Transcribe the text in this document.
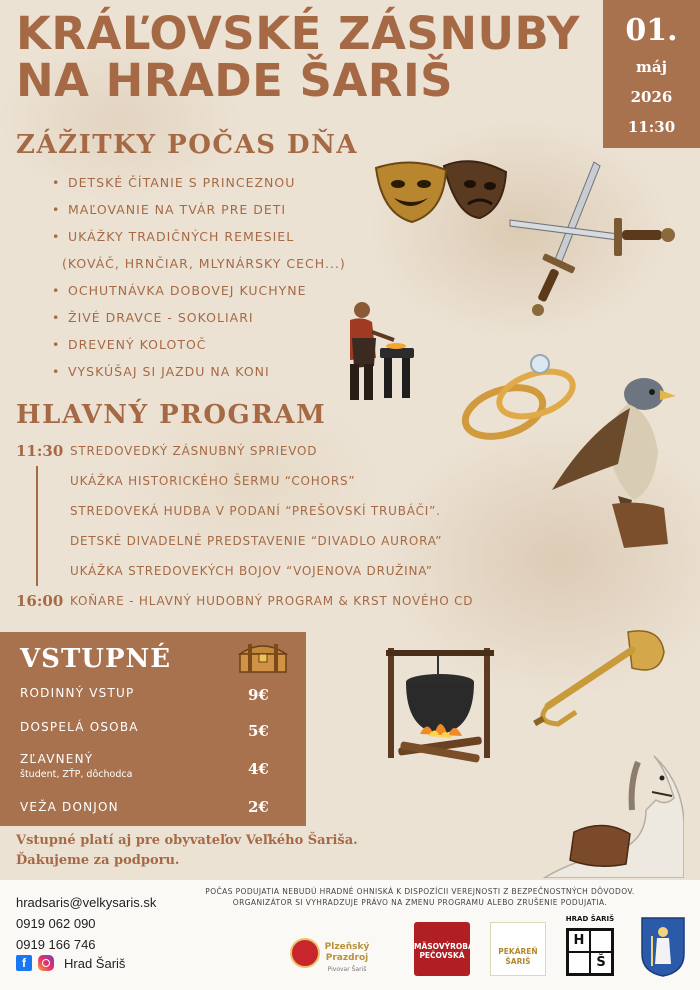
KRÁĽOVSKÉ ZÁSNUBY
NA HRADE ŠARIŠ
01.
máj
2026
11:30
ZÁŽITKY POČAS DŇA
• DETSKÉ ČÍTANIE S PRINCEZNOU
• MAĽOVANIE NA TVÁR PRE DETI
• UKÁŽKY TRADIČNÝCH REMESIEL
(KOVÁČ, HRNČIAR, MLYNÁRSKY CECH...)
• OCHUTNÁVKA DOBOVEJ KUCHYNE
• ŽIVÉ DRAVCE - SOKOLIARI
• DREVENÝ KOLOTOČ
• VYSKÚŠAJ SI JAZDU NA KONI
HLAVNÝ PROGRAM
11:30 STREDOVEDKÝ ZÁSNUBNÝ SPRIEVOD
UKÁŽKA HISTORICKÉHO ŠERMU “COHORS”
STREDOVEKÁ HUDBA V PODANÍ “PREŠOVSKÍ TRUBÁČI”.
DETSKÉ DIVADELNÉ PREDSTAVENIE “DIVADLO AURORA”
UKÁŽKA STREDOVEKÝCH BOJOV “VOJENOVA DRUŽINA”
16:00 KOŇARE - HLAVNÝ HUDOBNÝ PROGRAM & KRST NOVÉHO CD
VSTUPNÉ
RODINNÝ VSTUP	9€
DOSPELÁ OSOBA	5€
ZĽAVNENÝ
študent, ZŤP, dôchodca	4€
VEŽA DONJON	2€
Vstupné platí aj pre obyvateľov Veľkého Šariša.
Ďakujeme za podporu.
POČAS PODUJATIA NEBUDÚ HRADNÉ OHNISKÁ K DISPOZÍCII VEREJNOSTI Z BEZPEČNOSTNÝCH DÔVODOV.
ORGANIZÁTOR SI VYHRADZUJE PRÁVO NA ZMENU PROGRAMU ALEBO ZRUŠENIE PODUJATIA.
hradsaris@velkysaris.sk
0919 062 090
0919 166 746
f	Hrad Šariš
Plzeňský Prazdroj
Pivovar Šariš
MÄSOVÝROBA
PEČOVSKÁ	PEKÁREŇ
ŠARIŠ
HRAD ŠARIŠ
H
Š
